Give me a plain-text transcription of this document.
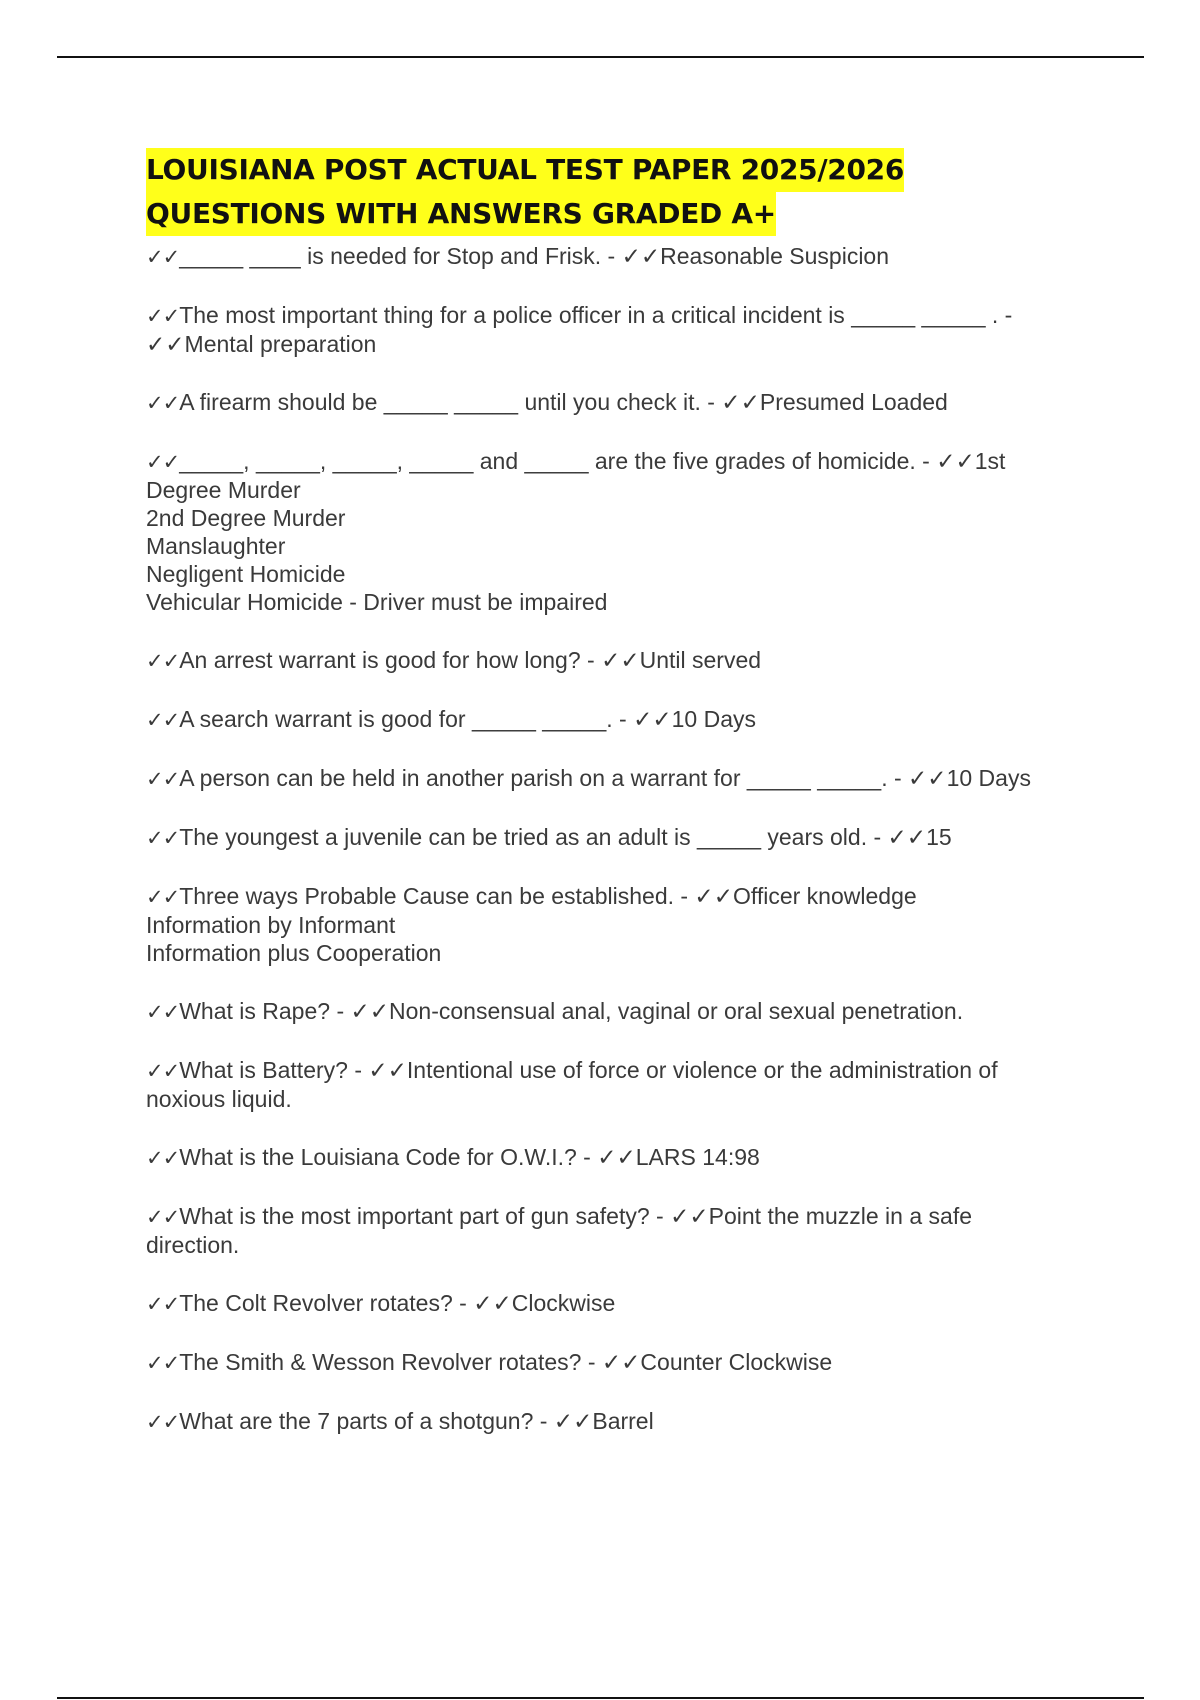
LOUISIANA POST ACTUAL TEST PAPER 2025/2026
QUESTIONS WITH ANSWERS GRADED A+
✓✓_____ ____ is needed for Stop and Frisk. - ✓✓Reasonable Suspicion
✓✓The most important thing for a police officer in a critical incident is _____ _____ . -
✓✓Mental preparation
✓✓A firearm should be _____ _____ until you check it. - ✓✓Presumed Loaded
✓✓_____, _____, _____, _____ and _____ are the five grades of homicide. - ✓✓1st
Degree Murder
2nd Degree Murder
Manslaughter
Negligent Homicide
Vehicular Homicide - Driver must be impaired
✓✓An arrest warrant is good for how long? - ✓✓Until served
✓✓A search warrant is good for _____ _____. - ✓✓10 Days
✓✓A person can be held in another parish on a warrant for _____ _____. - ✓✓10 Days
✓✓The youngest a juvenile can be tried as an adult is _____ years old. - ✓✓15
✓✓Three ways Probable Cause can be established. - ✓✓Officer knowledge
Information by Informant
Information plus Cooperation
✓✓What is Rape? - ✓✓Non-consensual anal, vaginal or oral sexual penetration.
✓✓What is Battery? - ✓✓Intentional use of force or violence or the administration of
noxious liquid.
✓✓What is the Louisiana Code for O.W.I.? - ✓✓LARS 14:98
✓✓What is the most important part of gun safety? - ✓✓Point the muzzle in a safe
direction.
✓✓The Colt Revolver rotates? - ✓✓Clockwise
✓✓The Smith & Wesson Revolver rotates? - ✓✓Counter Clockwise
✓✓What are the 7 parts of a shotgun? - ✓✓Barrel
